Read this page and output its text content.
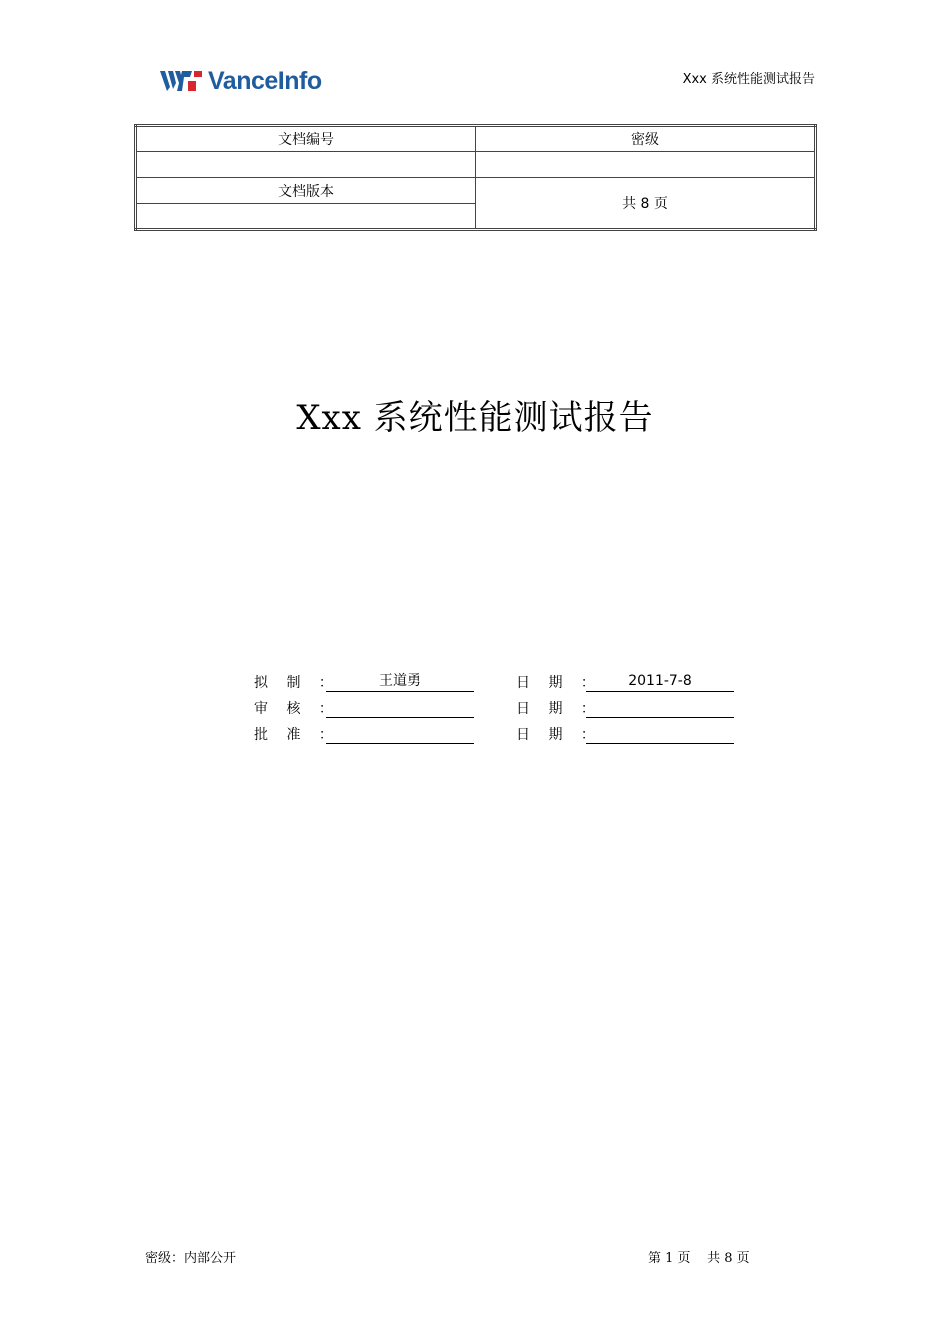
VanceInfo	Xxx 系统性能测试报告
文档编号	密级

文档版本	共 8 页

Xxx 系统性能测试报告
拟 制 ：	王道勇	日 期 ：	2011-7-8
审 核 ：	日 期 ：
批 准 ：	日 期 ：
密级：内部公开	第 1 页    共 8 页
